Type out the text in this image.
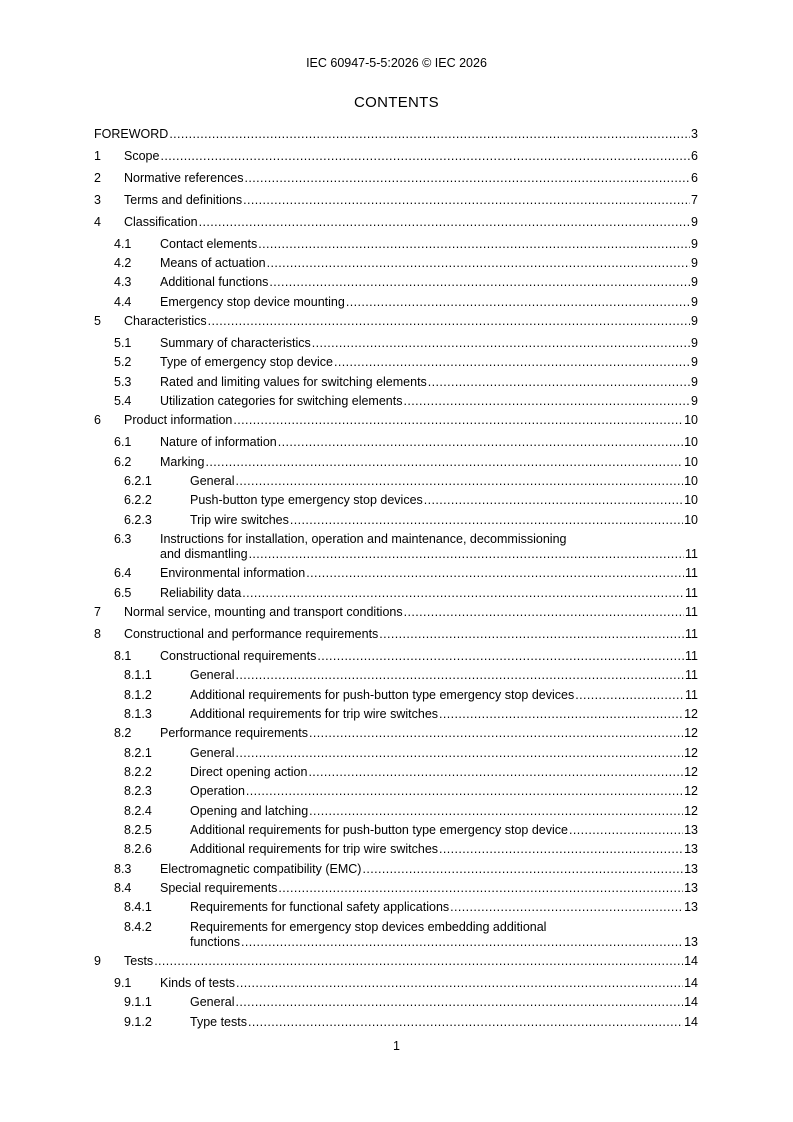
IEC 60947-5-5:2026 © IEC 2026
CONTENTS
FOREWORD .....	3
1 Scope .....	6
2 Normative references .....	6
3 Terms and definitions .....	7
4 Classification .....	9
4.1 Contact elements .....	9
4.2 Means of actuation .....	9
4.3 Additional functions .....	9
4.4 Emergency stop device mounting .....	9
5 Characteristics .....	9
5.1 Summary of characteristics .....	9
5.2 Type of emergency stop device .....	9
5.3 Rated and limiting values for switching elements .....	9
5.4 Utilization categories for switching elements .....	9
6 Product information .....	10
6.1 Nature of information .....	10
6.2 Marking .....	10
6.2.1	General .....	10
6.2.2	Push-button type emergency stop devices .....	10
6.2.3	Trip wire switches .....	10
6.3 Instructions for installation, operation and maintenance, decommissioning
and dismantling .....	11
6.4 Environmental information .....	11
6.5 Reliability data .....	11
7 Normal service, mounting and transport conditions .....	11
8 Constructional and performance requirements .....	11
8.1 Constructional requirements .....	11
8.1.1	General .....	11
8.1.2	Additional requirements for push-button type emergency stop devices .....	11
8.1.3	Additional requirements for trip wire switches .....	12
8.2 Performance requirements .....	12
8.2.1	General .....	12
8.2.2	Direct opening action .....	12
8.2.3	Operation .....	12
8.2.4	Opening and latching .....	12
8.2.5	Additional requirements for push-button type emergency stop device .....	13
8.2.6	Additional requirements for trip wire switches .....	13
8.3 Electromagnetic compatibility (EMC) .....	13
8.4 Special requirements .....	13
8.4.1	Requirements for functional safety applications .....	13
8.4.2	Requirements for emergency stop devices embedding additional
functions .....	13
9 Tests .....	14
9.1 Kinds of tests .....	14
9.1.1	General .....	14
9.1.2	Type tests .....	14
1
